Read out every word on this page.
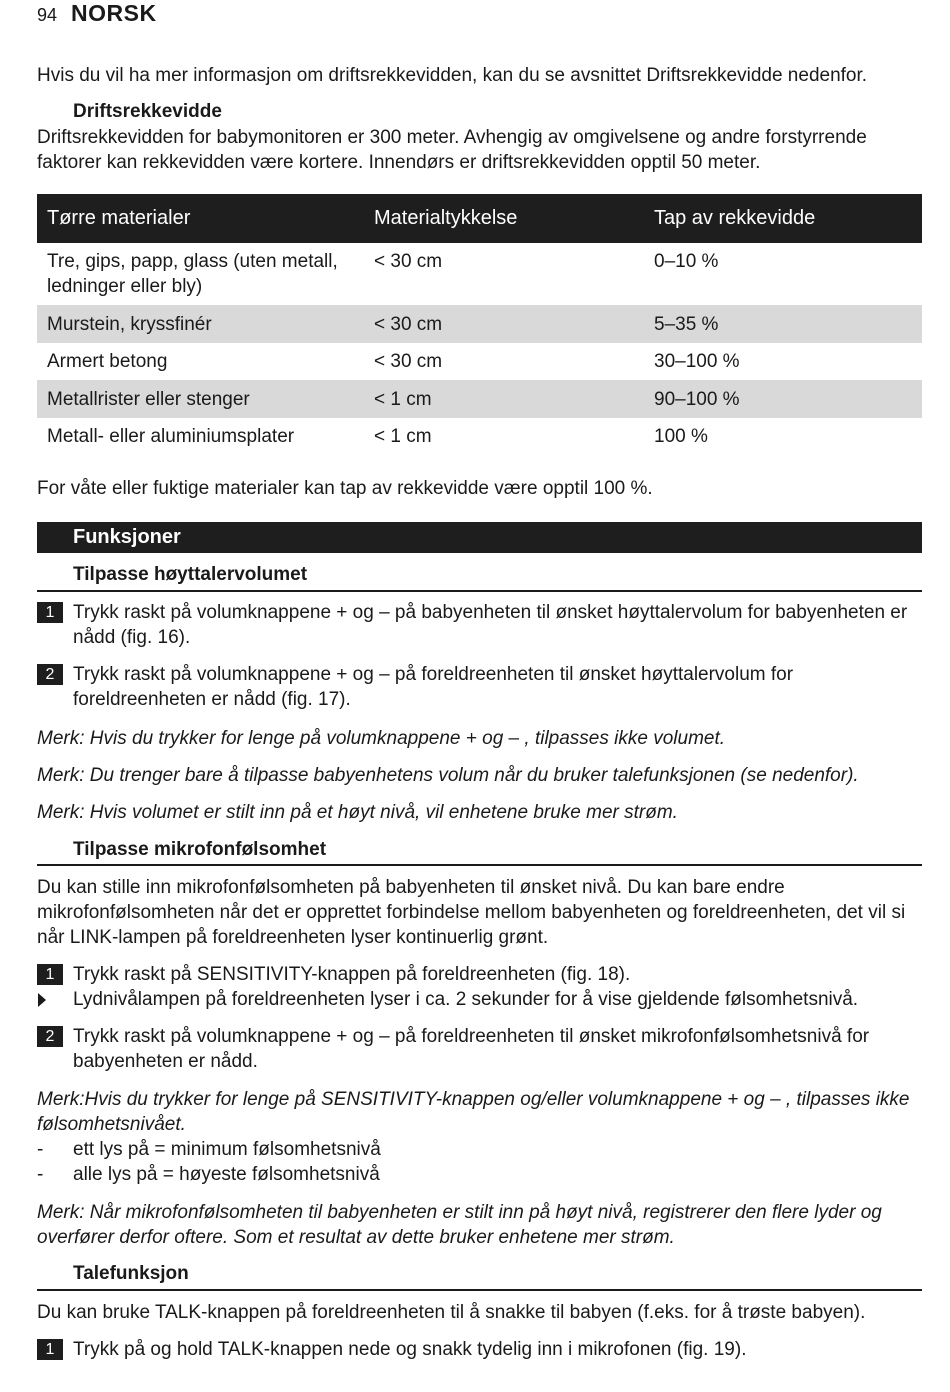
94 NORSK

Hvis du vil ha mer informasjon om driftsrekkevidden, kan du se avsnittet Driftsrekkevidde nedenfor.

Driftsrekkevidde

Driftsrekkevidden for babymonitoren er 300 meter. Avhengig av omgivelsene og andre forstyrrende faktorer kan rekkevidden være kortere. Innendørs er driftsrekkevidden opptil 50 meter.

Tørre materialer	Materialtykkelse	Tap av rekkevidde
Tre, gips, papp, glass (uten metall, ledninger eller bly)	< 30 cm	0–10 %
Murstein, kryssfinér	< 30 cm	5–35 %
Armert betong	< 30 cm	30–100 %
Metallrister eller stenger	< 1 cm	90–100 %
Metall- eller aluminiumsplater	< 1 cm	100 %

For våte eller fuktige materialer kan tap av rekkevidde være opptil 100 %.

Funksjoner

Tilpasse høyttalervolumet

1 Trykk raskt på volumknappene + og – på babyenheten til ønsket høyttalervolum for babyenheten er nådd (fig. 16).
2 Trykk raskt på volumknappene + og – på foreldreenheten til ønsket høyttalervolum for foreldreenheten er nådd (fig. 17).

Merk: Hvis du trykker for lenge på volumknappene + og – , tilpasses ikke volumet.

Merk: Du trenger bare å tilpasse babyenhetens volum når du bruker talefunksjonen (se nedenfor).

Merk: Hvis volumet er stilt inn på et høyt nivå, vil enhetene bruke mer strøm.

Tilpasse mikrofonfølsomhet

Du kan stille inn mikrofonfølsomheten på babyenheten til ønsket nivå. Du kan bare endre mikrofonfølsomheten når det er opprettet forbindelse mellom babyenheten og foreldreenheten, det vil si når LINK-lampen på foreldreenheten lyser kontinuerlig grønt.

1 Trykk raskt på SENSITIVITY-knappen på foreldreenheten (fig. 18).
Lydnivålampen på foreldreenheten lyser i ca. 2 sekunder for å vise gjeldende følsomhetsnivå.
2 Trykk raskt på volumknappene + og – på foreldreenheten til ønsket mikrofonfølsomhetsnivå for babyenheten er nådd.

Merk:Hvis du trykker for lenge på SENSITIVITY-knappen og/eller volumknappene + og – , tilpasses ikke følsomhetsnivået.

- ett lys på = minimum følsomhetsnivå
- alle lys på = høyeste følsomhetsnivå

Merk: Når mikrofonfølsomheten til babyenheten er stilt inn på høyt nivå, registrerer den flere lyder og overfører derfor oftere. Som et resultat av dette bruker enhetene mer strøm.

Talefunksjon

Du kan bruke TALK-knappen på foreldreenheten til å snakke til babyen (f.eks. for å trøste babyen).

1 Trykk på og hold TALK-knappen nede og snakk tydelig inn i mikrofonen (fig. 19).
